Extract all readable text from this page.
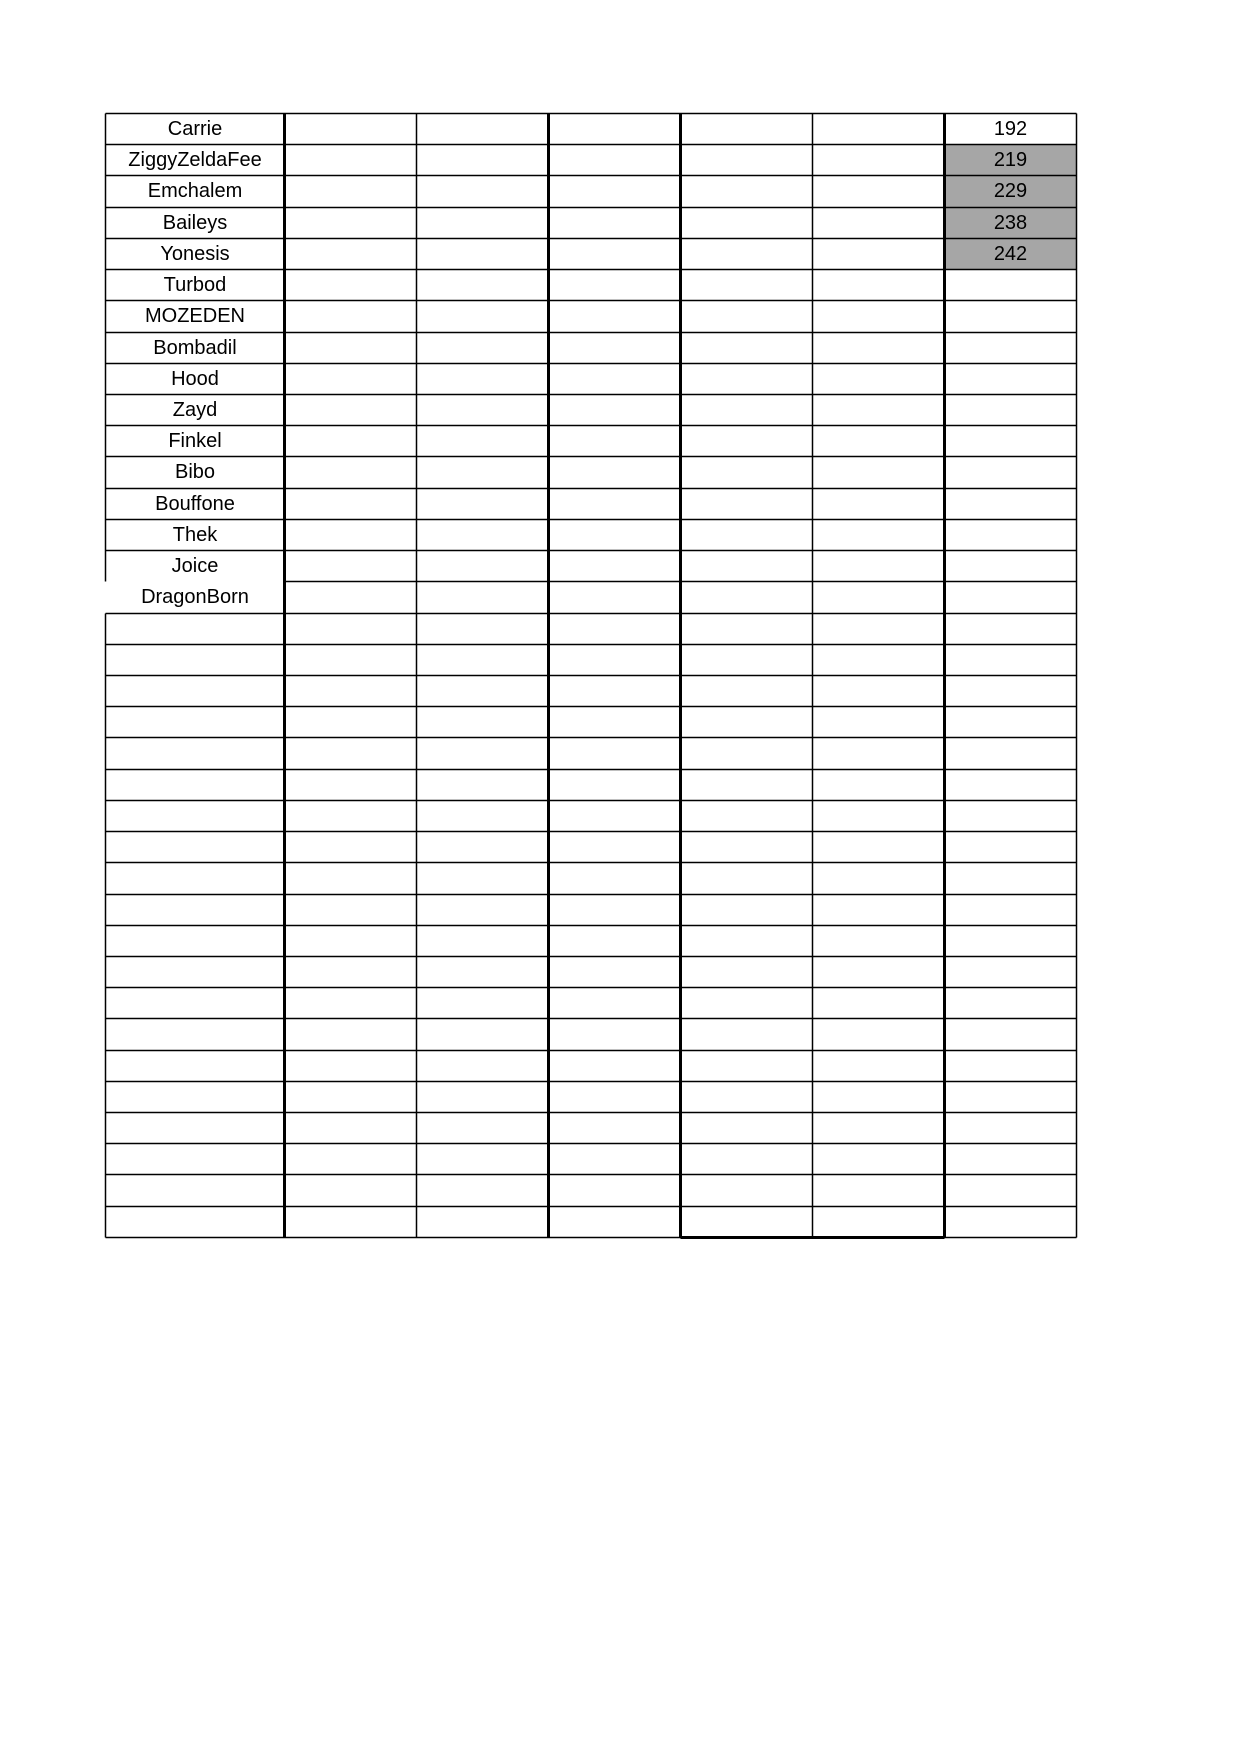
Carrie
ZiggyZeldaFee
Emchalem
Baileys
Yonesis
Turbod
MOZEDEN
Bombadil
Hood
Zayd
Finkel
Bibo
Bouffone
Thek
Joice
DragonBorn
192
219
229
238
242
